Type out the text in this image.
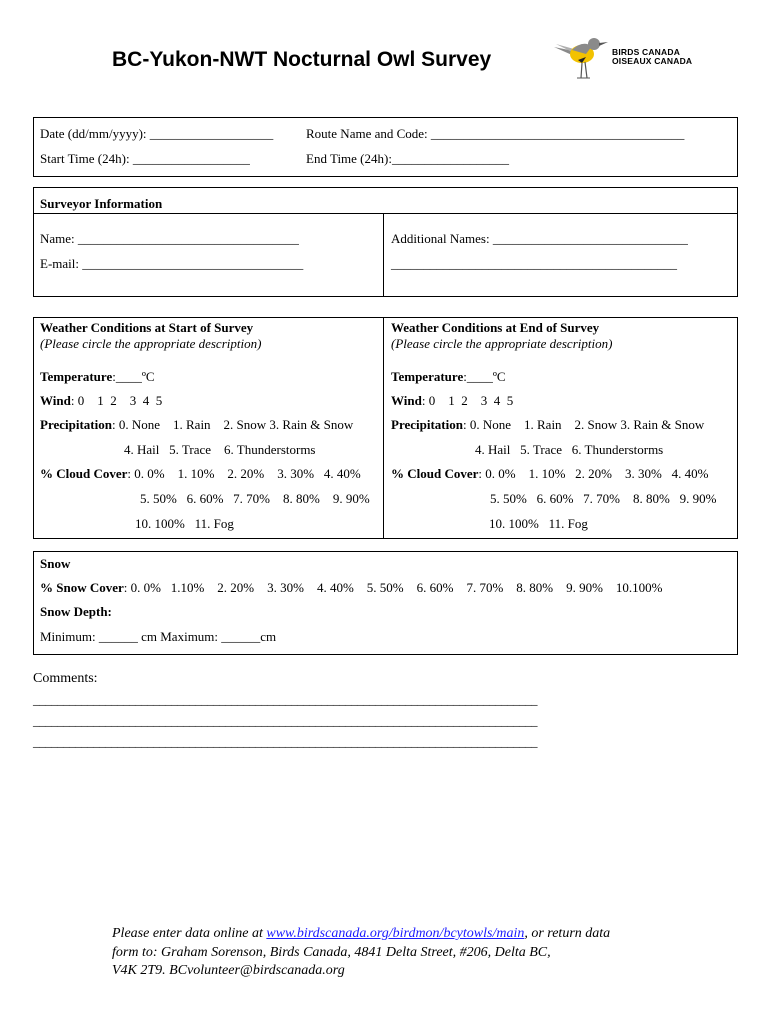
BC-Yukon-NWT Nocturnal Owl Survey	BIRDS CANADA
OISEAUX CANADA
Date (dd/mm/yyyy): ___________________	Route Name and Code: _______________________________________
Start Time (24h): __________________	End Time (24h):__________________
Surveyor Information
Name: __________________________________
E-mail: __________________________________
Additional Names: ______________________________
____________________________________________
Weather Conditions at Start of Survey
(Please circle the appropriate description)
Temperature:____ºC
Wind: 0    1  2    3  4  5
Precipitation: 0. None    1. Rain    2. Snow 3. Rain & Snow
4. Hail   5. Trace    6. Thunderstorms
% Cloud Cover: 0. 0%    1. 10%    2. 20%    3. 30%   4. 40%
5. 50%   6. 60%   7. 70%    8. 80%    9. 90%
10. 100%   11. Fog
Weather Conditions at End of Survey
(Please circle the appropriate description)
Temperature:____ºC
Wind: 0    1  2    3  4  5
Precipitation: 0. None    1. Rain    2. Snow 3. Rain & Snow
4. Hail   5. Trace   6. Thunderstorms
% Cloud Cover: 0. 0%    1. 10%   2. 20%    3. 30%   4. 40%
5. 50%   6. 60%   7. 70%    8. 80%   9. 90%
10. 100%   11. Fog
Snow
% Snow Cover: 0. 0%   1.10%    2. 20%    3. 30%    4. 40%    5. 50%    6. 60%    7. 70%    8. 80%    9. 90%    10.100%
Snow Depth:
Minimum: ______ cm Maximum: ______cm
Comments:
____________________________________________________________________________________
____________________________________________________________________________________
____________________________________________________________________________________
Please enter data online at www.birdscanada.org/birdmon/bcytowls/main, or return data
form to: Graham Sorenson, Birds Canada, 4841 Delta Street, #206, Delta BC,
V4K 2T9. BCvolunteer@birdscanada.org
